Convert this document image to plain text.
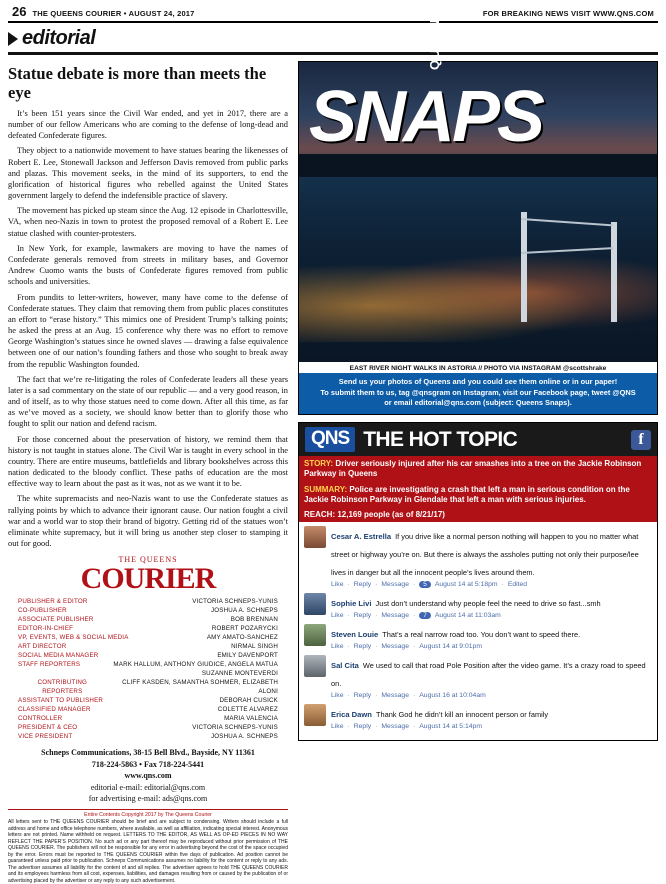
26 THE QUEENS COURIER • AUGUST 24, 2017	FOR BREAKING NEWS VISIT WWW.QNS.COM
editorial
Statue debate is more than meets the eye

It’s been 151 years since the Civil War ended, and yet in 2017, there are a number of our fellow Americans who are coming to the defense of long-dead and defeated Confederate figures.

They object to a nationwide movement to have statues bearing the likenesses of Robert E. Lee, Stonewall Jackson and Jefferson Davis removed from public parks and plazas. This movement seeks, in the mind of its supporters, to end the glorification of historical figures who rebelled against the United States government largely to defend the indefensible practice of slavery.

The movement has picked up steam since the Aug. 12 episode in Charlottesville, VA, when neo-Nazis in town to protest the proposed removal of a Robert E. Lee statue clashed with counter-protesters.

In New York, for example, lawmakers are moving to have the names of Confederate generals removed from streets in military bases, and Governor Andrew Cuomo wants the busts of Confederate figures removed from public schools and universities.

From pundits to letter-writers, however, many have come to the defense of Confederate statues. They claim that removing them from public places constitutes an effort to “erase history.” This mimics one of President Trump’s talking points; he asked the press at an Aug. 15 conference why there was no effort to remove George Washington’s statues since he owned slaves — drawing a false equivalence between one of our nation’s founding fathers and those who sought to break away from the republic Washington founded.

The fact that we’re re-litigating the roles of Confederate leaders all these years later is a sad commentary on the state of our republic — and a very good reason, in and of itself, as to why those statues need to come down. After all this time, as far as we’ve moved as a society, we should know better than to glorify those who fought to split our nation and defend racism.

For those concerned about the preservation of history, we remind them that history is not taught in statues alone. The Civil War is taught in every school in the country. There are entire museums, battlefields and library bookshelves across this nation dedicated to the bloody conflict. These paths of education are the most effective way to learn about the past as it was, not as we want it to be.

The white supremacists and neo-Nazis want to use the Confederate statues as rallying points by which to advance their ignorant cause. Our nation fought a civil war and a world war to stop their brand of bigotry. Getting rid of the statues won’t eliminate white supremacy, but it will bring us another step closer to stamping it out for good.

THE QUEENS
COURIER
PUBLISHER & EDITOR	VICTORIA SCHNEPS-YUNIS
CO-PUBLISHER	JOSHUA A. SCHNEPS
ASSOCIATE PUBLISHER	BOB BRENNAN
EDITOR-IN-CHIEF	ROBERT POZARYCKI
VP, EVENTS, WEB & SOCIAL MEDIA	AMY AMATO-SANCHEZ
ART DIRECTOR	NIRMAL SINGH
SOCIAL MEDIA MANAGER	EMILY DAVENPORT
STAFF REPORTERS	MARK HALLUM, ANTHONY GIUDICE, ANGELA MATUA
SUZANNE MONTEVERDI
CONTRIBUTING REPORTERS
CLIFF KASDEN, SAMANTHA SOHMER, ELIZABETH ALONI
ASSISTANT TO PUBLISHER	DEBORAH CUSICK
CLASSIFIED MANAGER	COLETTE ALVAREZ
CONTROLLER	MARIA VALENCIA
PRESIDENT & CEO	VICTORIA SCHNEPS-YUNIS
VICE PRESIDENT	JOSHUA A. SCHNEPS
Schneps Communications, 38-15 Bell Blvd., Bayside, NY 11361
718-224-5863 • Fax 718-224-5441
www.qns.com
editorial e-mail: editorial@qns.com
for advertising e-mail: ads@qns.com
Entire Contents Copyright 2017 by The Queens Courier
All letters sent to THE QUEENS COURIER should be brief and are subject to condensing. Writers should include a full address and home and office telephone numbers, where available, as well as affiliation, indicating special interest. Anonymous letters are not printed. Name withheld on request. LETTERS TO THE EDITOR, AS WELL AS OP-ED PIECES IN NO WAY REFLECT THE PAPER’S POSITION. No such ad or any part thereof may be reproduced without prior permission of THE QUEENS COURIER. The publishers will not be responsible for any error in advertising beyond the cost of the space occupied by the error. Errors must be reported to THE QUEENS COURIER within five days of publication. Ad position cannot be guaranteed unless paid prior to publication. Schneps Communications assumes no liability for the content or reply to any ads. The advertiser assumes all liability for the content of and all replies. The advertiser agrees to hold THE QUEENS COURIER and its employees harmless from all cost, expenses, liabilities, and damages resulting from or caused by the publication of or advertising placed by the advertiser or any reply to any such advertisement.
SNAPS
QUEENS
EAST RIVER NIGHT WALKS IN ASTORIA // PHOTO VIA INSTAGRAM @scottshrake
Send us your photos of Queens and you could see them online or in our paper!
To submit them to us, tag @qnsgram on Instagram, visit our Facebook page, tweet @QNS
or email editorial@qns.com (subject: Queens Snaps).
QNS THE HOT TOPIC	f
STORY: Driver seriously injured after his car smashes into a tree on the Jackie Robinson Parkway in Queens
SUMMARY: Police are investigating a crash that left a man in serious condition on the Jackie Robinson Parkway in Glendale that left a man with serious injuries.
REACH: 12,169 people (as of 8/21/17)
Cesar A. Estrella If you drive like a normal person nothing will happen to you no matter what street or highway you’re on. But there is always the assholes putting not only their purpose/lee lives in danger but all the innocent people’s lives around them.
Like · Reply · Message ·	5	August 14 at 5:18pm · Edited
Sophie Livi Just don’t understand why people feel the need to drive so fast...smh
Like · Reply · Message ·	7	August 14 at 11:03am
Steven Louie That’s a real narrow road too. You don’t want to speed there.
Like · Reply · Message · August 14 at 9:01pm
Sal Cita We used to call that road Pole Position after the video game. It’s a crazy road to speed on.
Like · Reply · Message · August 16 at 10:04am
Erica Dawn Thank God he didn’t kill an innocent person or family
Like · Reply · Message · August 14 at 5:14pm
